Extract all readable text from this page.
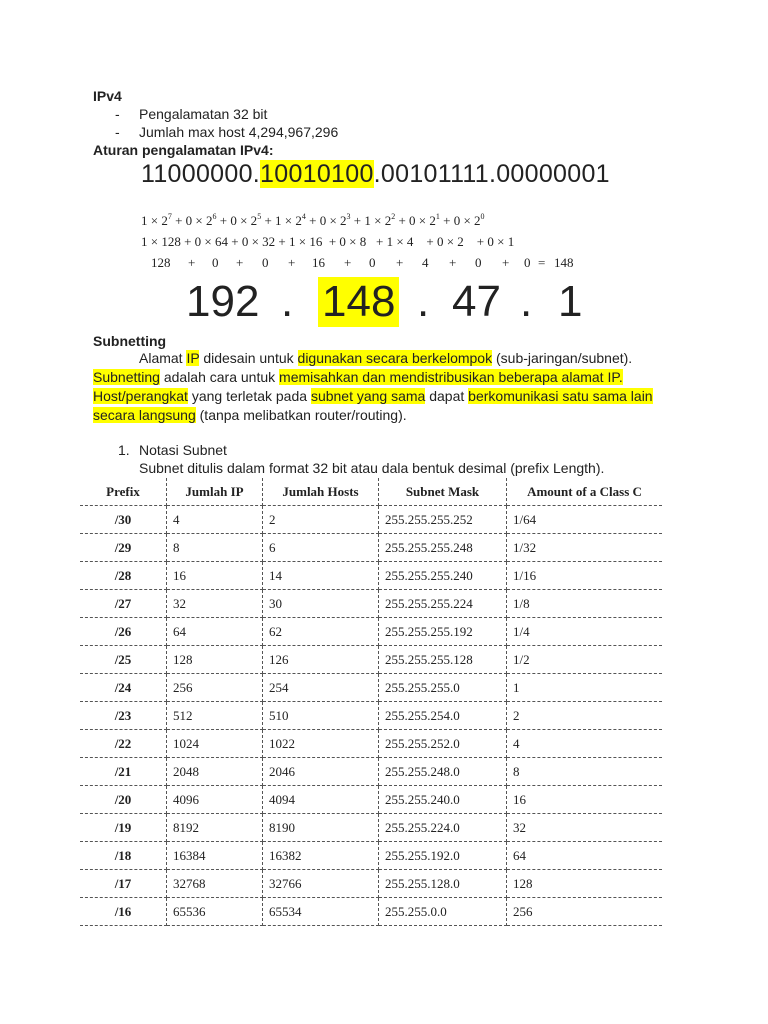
IPv4
- Pengalamatan 32 bit
- Jumlah max host 4,294,967,296
Aturan pengalamatan IPv4:
11000000.10010100.00101111.00000001
$1 \times 2^7 + 0 \times 2^6 + 0 \times 2^5 + 1 \times 2^4 + 0 \times 2^3 + 1 \times 2^2 + 0 \times 2^1 + 0 \times 2^0$
1 × 128 + 0 × 64 + 0 × 32 + 1 × 16  + 0 × 8   + 1 × 4    + 0 × 2    + 0 × 1
128 + 0 + 0 + 16 + 0 + 4 + 0 + 0 = 148
192 . 148 . 47 . 1
Subnetting
Alamat IP didesain untuk digunakan secara berkelompok (sub-jaringan/subnet).
Subnetting adalah cara untuk memisahkan dan mendistribusikan beberapa alamat IP.
Host/perangkat yang terletak pada subnet yang sama dapat berkomunikasi satu sama lain
secara langsung (tanpa melibatkan router/routing).
1. Notasi Subnet
Subnet ditulis dalam format 32 bit atau dala bentuk desimal (prefix Length).
Prefix	Jumlah IP	Jumlah Hosts	Subnet Mask	Amount of a Class C
/30	4	2	255.255.255.252	1/64
/29	8	6	255.255.255.248	1/32
/28	16	14	255.255.255.240	1/16
/27	32	30	255.255.255.224	1/8
/26	64	62	255.255.255.192	1/4
/25	128	126	255.255.255.128	1/2
/24	256	254	255.255.255.0	1
/23	512	510	255.255.254.0	2
/22	1024	1022	255.255.252.0	4
/21	2048	2046	255.255.248.0	8
/20	4096	4094	255.255.240.0	16
/19	8192	8190	255.255.224.0	32
/18	16384	16382	255.255.192.0	64
/17	32768	32766	255.255.128.0	128
/16	65536	65534	255.255.0.0	256
